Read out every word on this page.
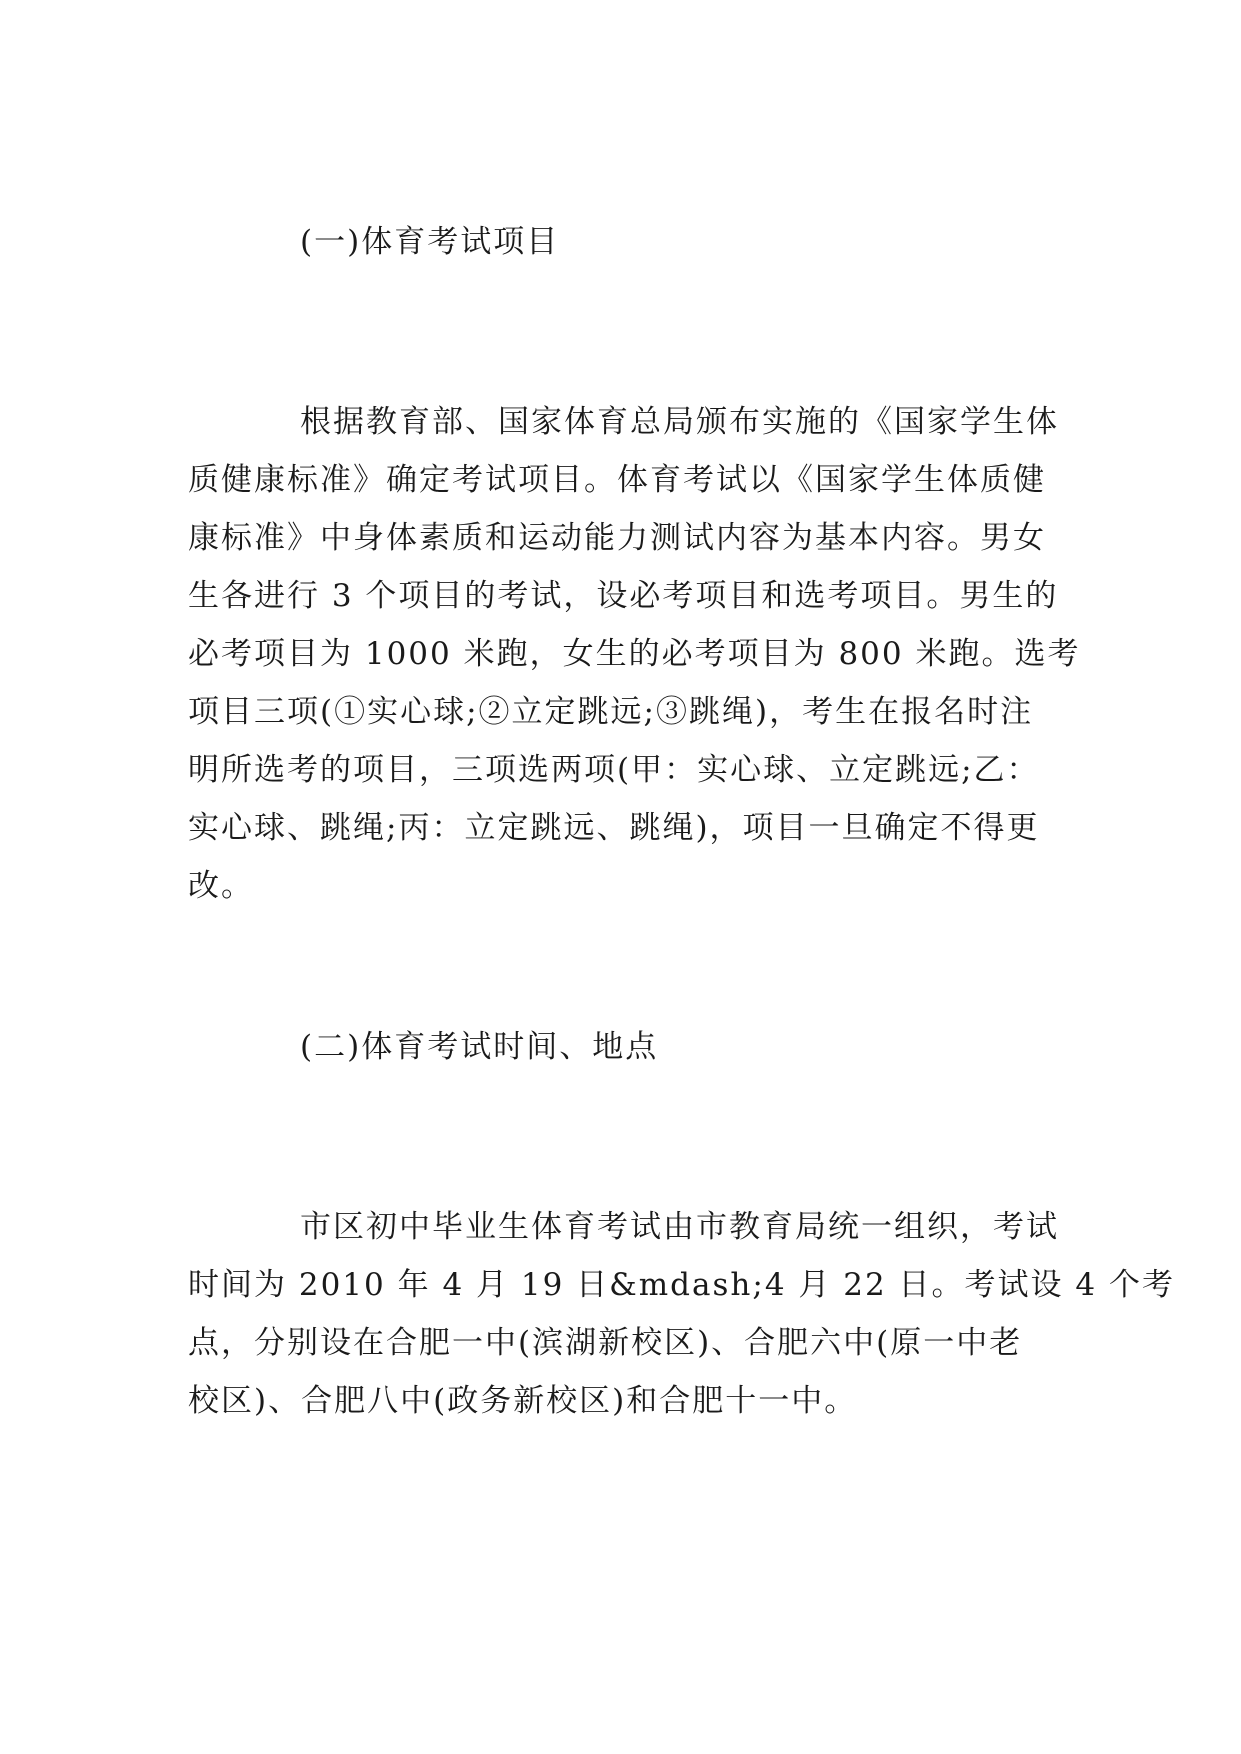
(一)体育考试项目
根据教育部、国家体育总局颁布实施的《国家学生体
质健康标准》确定考试项目。体育考试以《国家学生体质健
康标准》中身体素质和运动能力测试内容为基本内容。男女
生各进行 3 个项目的考试，设必考项目和选考项目。男生的
必考项目为 1000 米跑，女生的必考项目为 800 米跑。选考
项目三项(①实心球;②立定跳远;③跳绳)，考生在报名时注
明所选考的项目，三项选两项(甲：实心球、立定跳远;乙：
实心球、跳绳;丙：立定跳远、跳绳)，项目一旦确定不得更
改。
(二)体育考试时间、地点
市区初中毕业生体育考试由市教育局统一组织，考试
时间为 2010 年 4 月 19 日&mdash;4 月 22 日。考试设 4 个考
点，分别设在合肥一中(滨湖新校区)、合肥六中(原一中老
校区)、合肥八中(政务新校区)和合肥十一中。
